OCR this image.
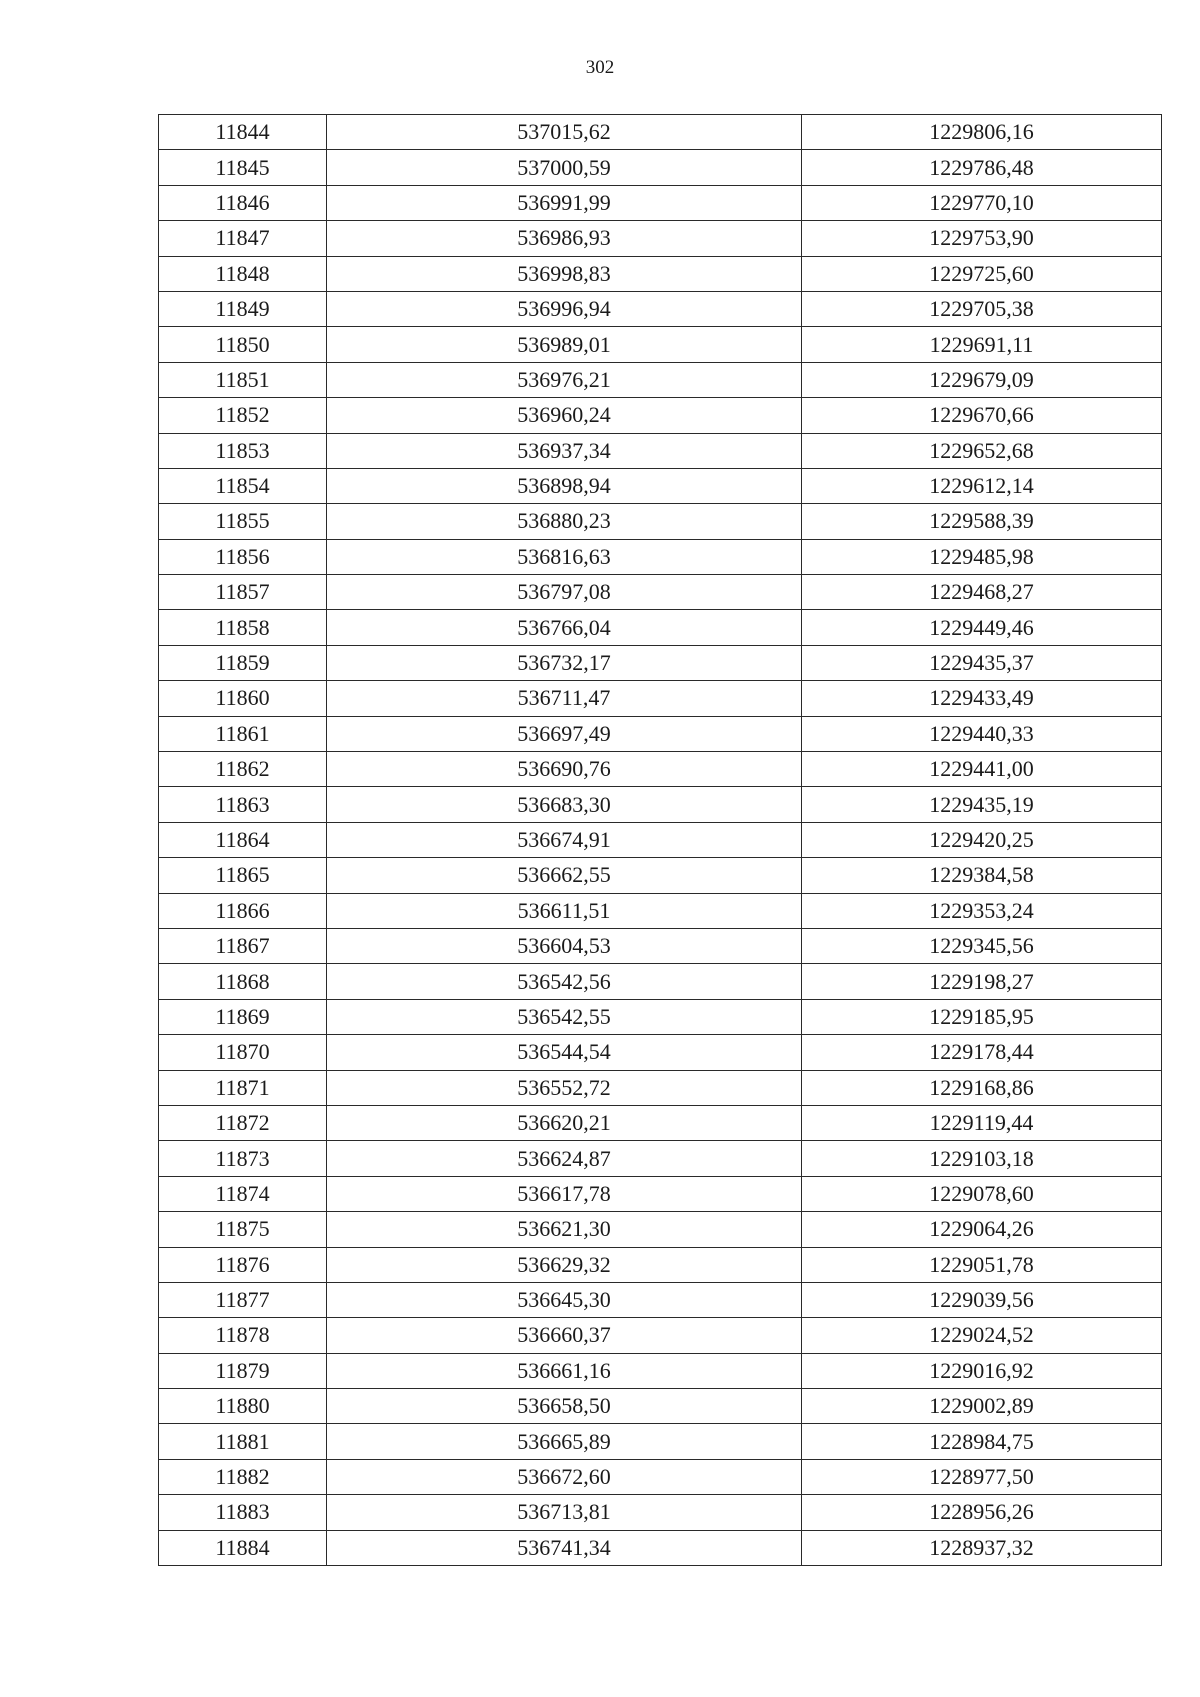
302
11844	537015,62	1229806,16
11845	537000,59	1229786,48
11846	536991,99	1229770,10
11847	536986,93	1229753,90
11848	536998,83	1229725,60
11849	536996,94	1229705,38
11850	536989,01	1229691,11
11851	536976,21	1229679,09
11852	536960,24	1229670,66
11853	536937,34	1229652,68
11854	536898,94	1229612,14
11855	536880,23	1229588,39
11856	536816,63	1229485,98
11857	536797,08	1229468,27
11858	536766,04	1229449,46
11859	536732,17	1229435,37
11860	536711,47	1229433,49
11861	536697,49	1229440,33
11862	536690,76	1229441,00
11863	536683,30	1229435,19
11864	536674,91	1229420,25
11865	536662,55	1229384,58
11866	536611,51	1229353,24
11867	536604,53	1229345,56
11868	536542,56	1229198,27
11869	536542,55	1229185,95
11870	536544,54	1229178,44
11871	536552,72	1229168,86
11872	536620,21	1229119,44
11873	536624,87	1229103,18
11874	536617,78	1229078,60
11875	536621,30	1229064,26
11876	536629,32	1229051,78
11877	536645,30	1229039,56
11878	536660,37	1229024,52
11879	536661,16	1229016,92
11880	536658,50	1229002,89
11881	536665,89	1228984,75
11882	536672,60	1228977,50
11883	536713,81	1228956,26
11884	536741,34	1228937,32
